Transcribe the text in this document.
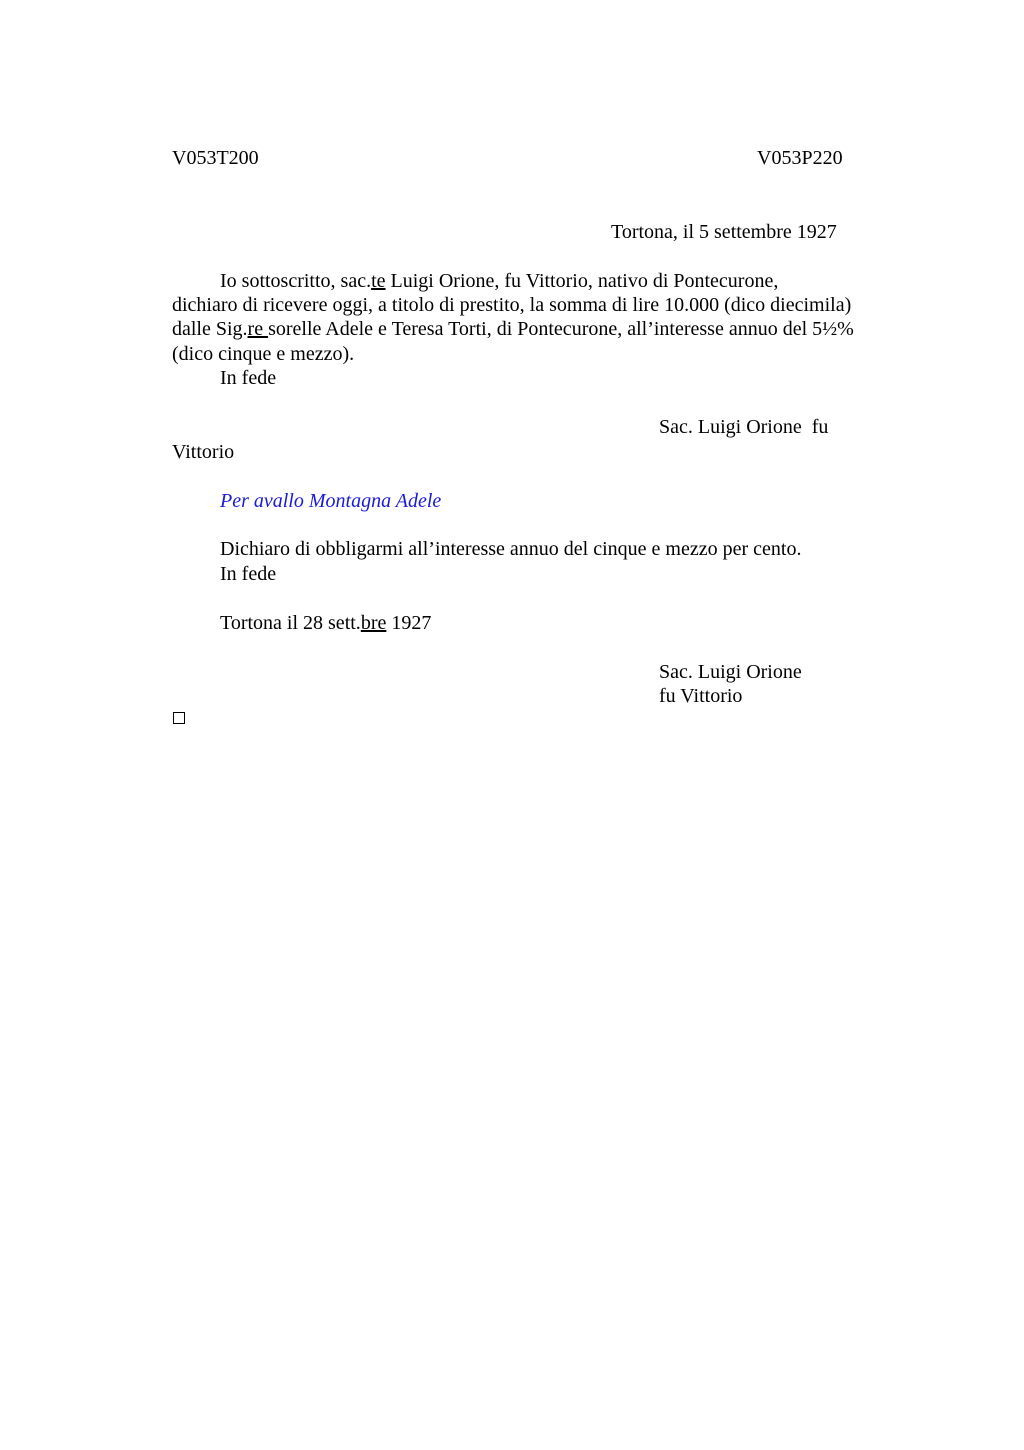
V053T200	V053P220
Tortona, il 5 settembre 1927
Io sottoscritto, sac.te Luigi Orione, fu Vittorio, nativo di Pontecurone,
dichiaro di ricevere oggi, a titolo di prestito, la somma di lire 10.000 (dico diecimila)
dalle Sig.re sorelle Adele e Teresa Torti, di Pontecurone, all’interesse annuo del 5½%
(dico cinque e mezzo).
In fede
Sac. Luigi Orione  fu
Vittorio
Per avallo Montagna Adele
Dichiaro di obbligarmi all’interesse annuo del cinque e mezzo per cento.
In fede
Tortona il 28 sett.bre 1927
Sac. Luigi Orione
fu Vittorio
